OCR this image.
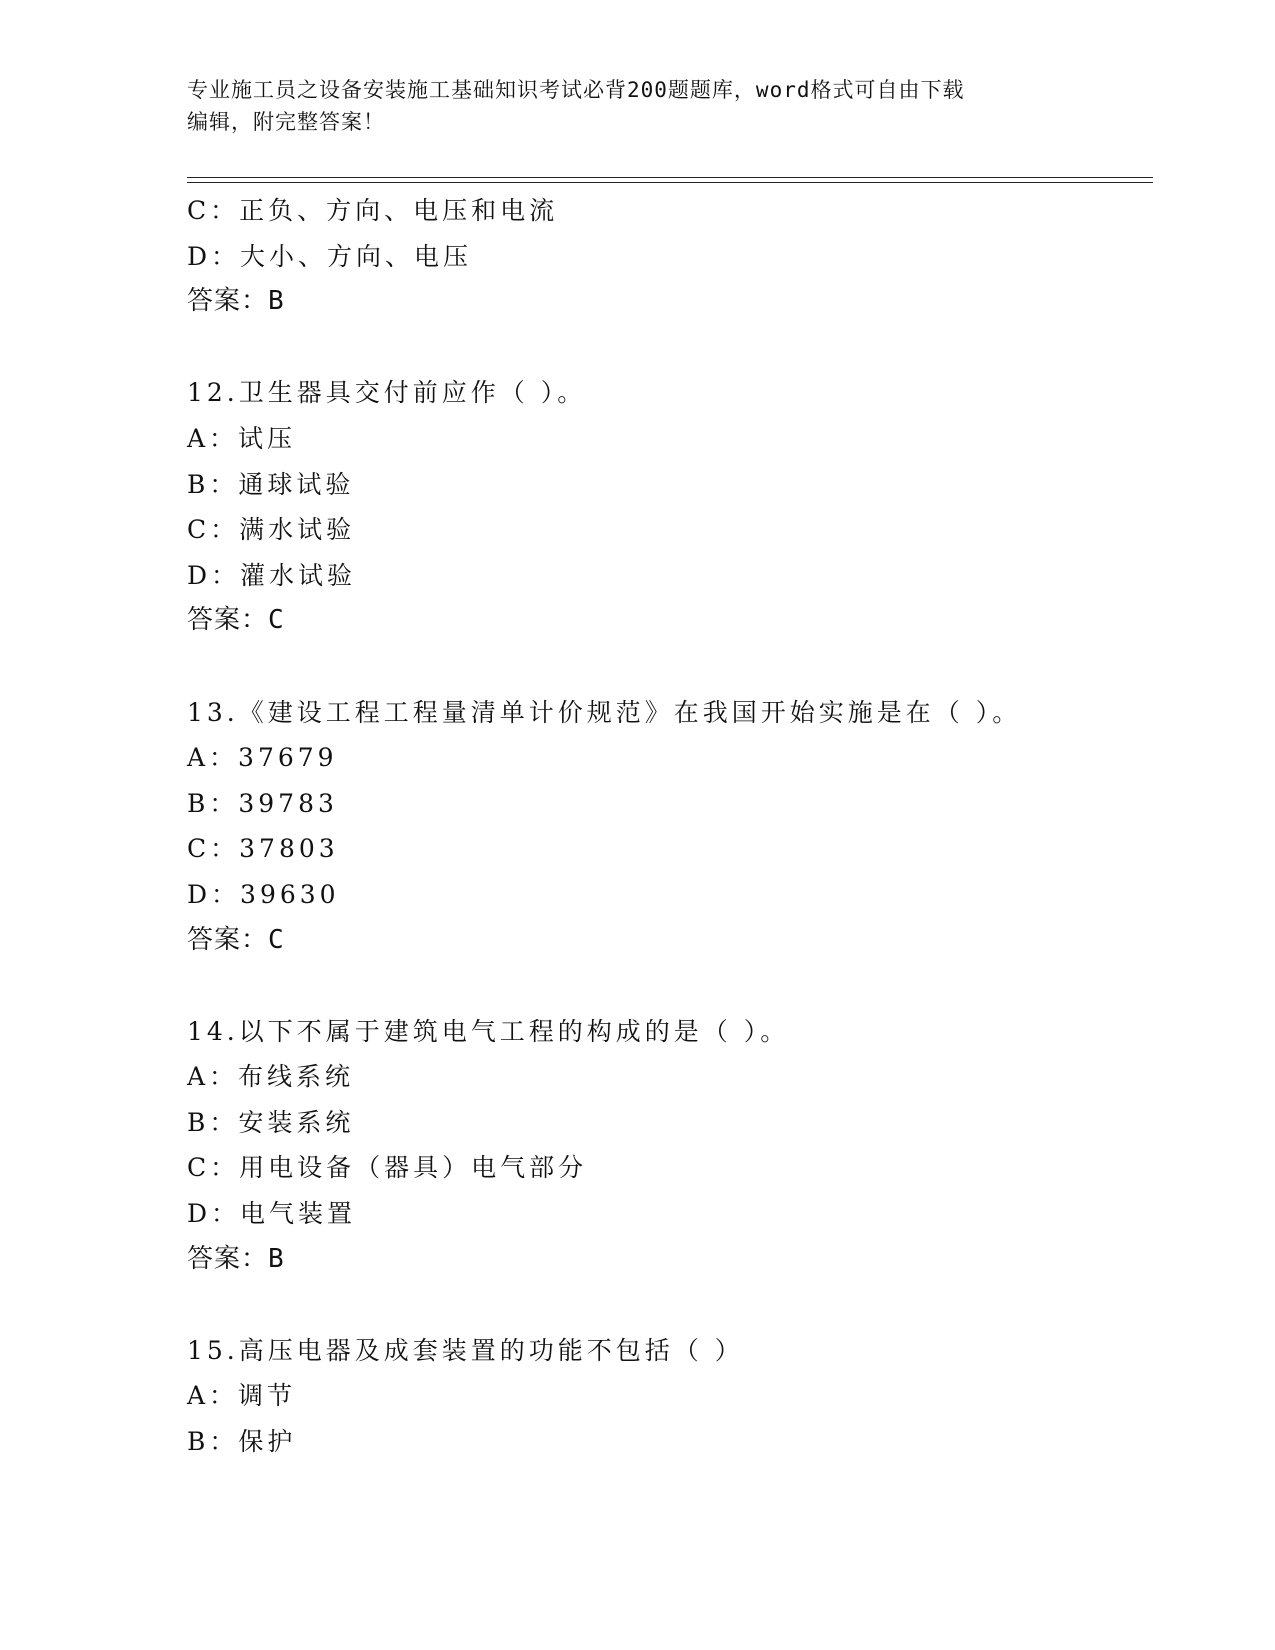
专业施工员之设备安装施工基础知识考试必背200题题库，word格式可自由下载
编辑，附完整答案！
C：正负、方向、电压和电流
D：大小、方向、电压
答案：B
12.卫生器具交付前应作（ ）。
A：试压
B：通球试验
C：满水试验
D：灌水试验
答案：C
13.《建设工程工程量清单计价规范》在我国开始实施是在（ ）。
A：37679
B：39783
C：37803
D：39630
答案：C
14.以下不属于建筑电气工程的构成的是（ ）。
A：布线系统
B：安装系统
C：用电设备（器具）电气部分
D：电气装置
答案：B
15.高压电器及成套装置的功能不包括（ ）
A：调节
B：保护
